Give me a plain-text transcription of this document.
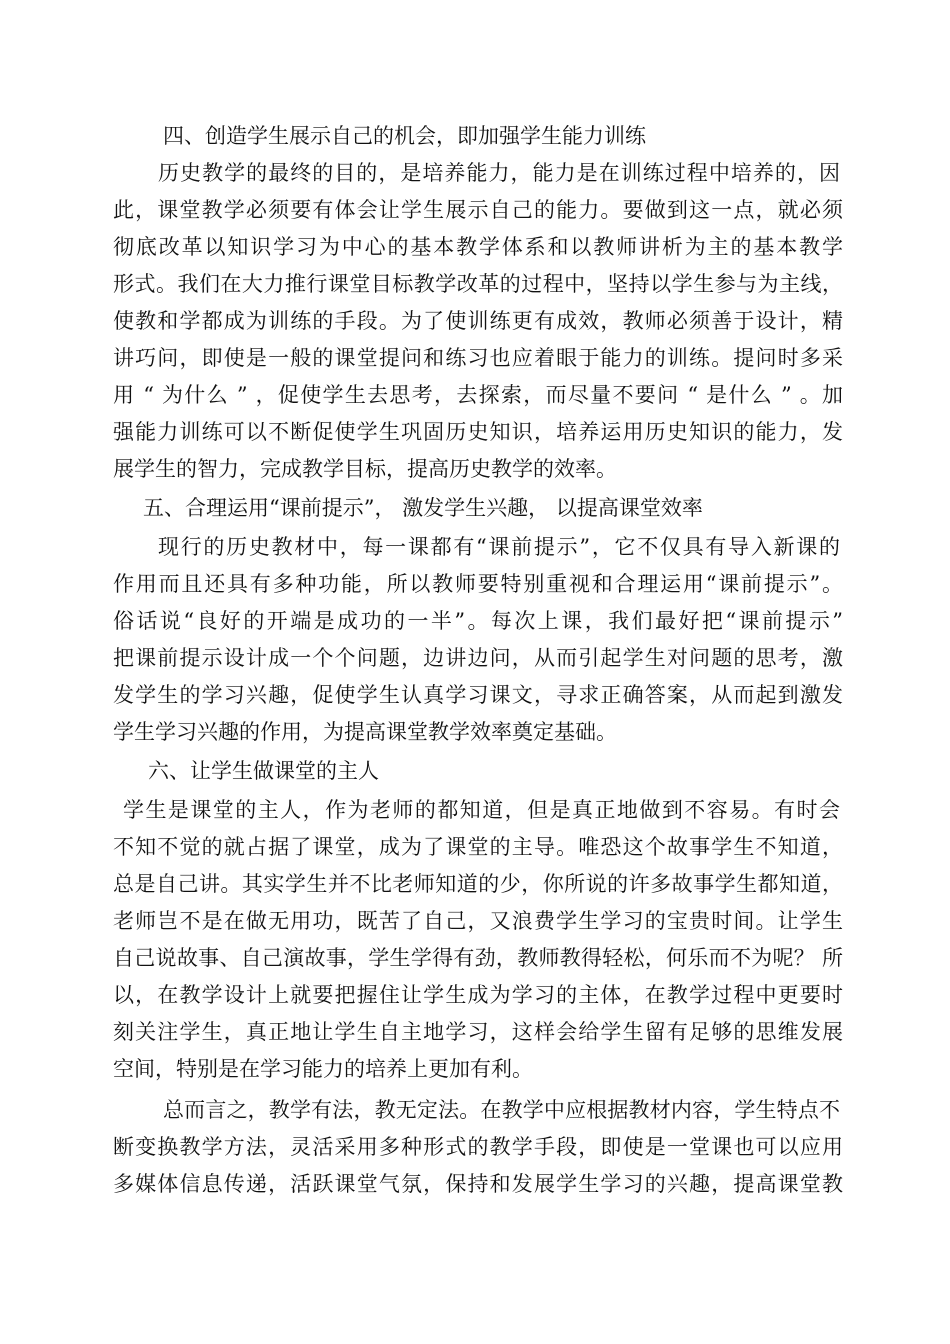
四、创造学生展示自己的机会，即加强学生能力训练
历史教学的最终的目的，是培养能力，能力是在训练过程中培养的，因
此，课堂教学必须要有体会让学生展示自己的能力。要做到这一点，就必须
彻底改革以知识学习为中心的基本教学体系和以教师讲析为主的基本教学
形式。我们在大力推行课堂目标教学改革的过程中，坚持以学生参与为主线，
使教和学都成为训练的手段。为了使训练更有成效，教师必须善于设计，精
讲巧问，即使是一般的课堂提问和练习也应着眼于能力的训练。提问时多采
用 “ 为什么 ” ，促使学生去思考，去探索，而尽量不要问 “ 是什么 ” 。加
强能力训练可以不断促使学生巩固历史知识，培养运用历史知识的能力，发
展学生的智力，完成教学目标，提高历史教学的效率。
五、合理运用“课前提示”， 激发学生兴趣， 以提高课堂效率
现行的历史教材中，每一课都有“课前提示”，它不仅具有导入新课的
作用而且还具有多种功能，所以教师要特别重视和合理运用“课前提示”。
俗话说“良好的开端是成功的一半”。每次上课，我们最好把“课前提示”
把课前提示设计成一个个问题，边讲边问，从而引起学生对问题的思考，激
发学生的学习兴趣，促使学生认真学习课文，寻求正确答案，从而起到激发
学生学习兴趣的作用，为提高课堂教学效率奠定基础。
六、让学生做课堂的主人
学生是课堂的主人，作为老师的都知道，但是真正地做到不容易。有时会
不知不觉的就占据了课堂，成为了课堂的主导。唯恐这个故事学生不知道，
总是自己讲。其实学生并不比老师知道的少，你所说的许多故事学生都知道，
老师岂不是在做无用功，既苦了自己，又浪费学生学习的宝贵时间。让学生
自己说故事、自己演故事，学生学得有劲，教师教得轻松，何乐而不为呢？ 所
以，在教学设计上就要把握住让学生成为学习的主体，在教学过程中更要时
刻关注学生，真正地让学生自主地学习，这样会给学生留有足够的思维发展
空间，特别是在学习能力的培养上更加有利。
总而言之，教学有法，教无定法。在教学中应根据教材内容，学生特点不
断变换教学方法，灵活采用多种形式的教学手段，即使是一堂课也可以应用
多媒体信息传递，活跃课堂气氛，保持和发展学生学习的兴趣，提高课堂教
